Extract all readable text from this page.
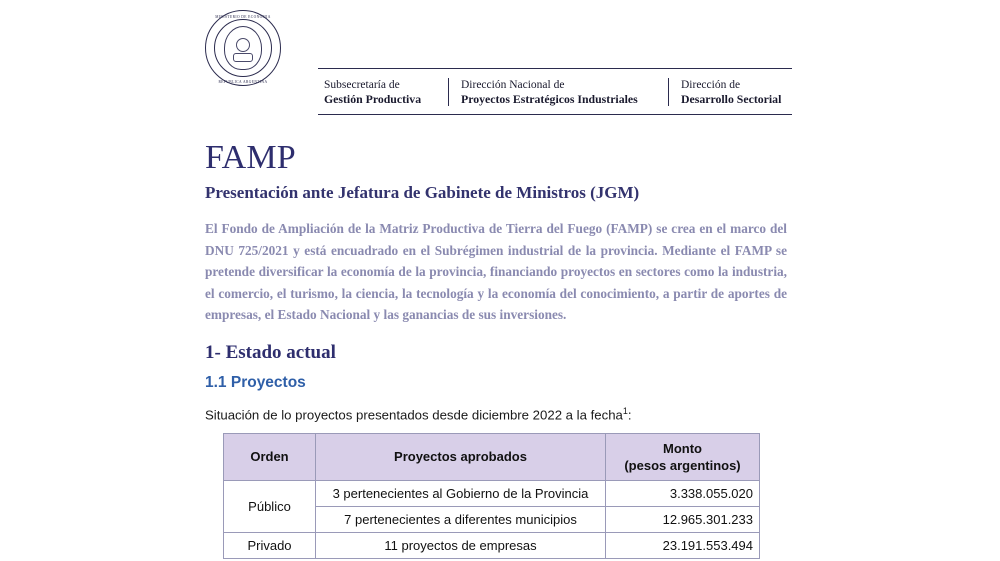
MINISTERIO DE ECONOMIA
REPUBLICA ARGENTINA	Subsecretaría de
Gestión Productiva
Dirección Nacional de
Proyectos Estratégicos Industriales
Dirección de
Desarrollo Sectorial
FAMP
Presentación ante Jefatura de Gabinete de Ministros (JGM)

El Fondo de Ampliación de la Matriz Productiva de Tierra del Fuego (FAMP) se crea en el marco del DNU 725/2021 y está encuadrado en el Subrégimen industrial de la provincia. Mediante el FAMP se pretende diversificar la economía de la provincia, financiando proyectos en sectores como la industria, el comercio, el turismo, la ciencia, la tecnología y la economía del conocimiento, a partir de aportes de empresas, el Estado Nacional y las ganancias de sus inversiones.

1- Estado actual
1.1 Proyectos

Situación de lo proyectos presentados desde diciembre 2022 a la fecha$^1$:

Orden	Proyectos aprobados	Monto
(pesos argentinos)

Público	3 pertenecientes al Gobierno de la Provincia	3.338.055.020
	7 pertenecientes a diferentes municipios	12.965.301.233
Privado	11 proyectos de empresas	23.191.553.494
